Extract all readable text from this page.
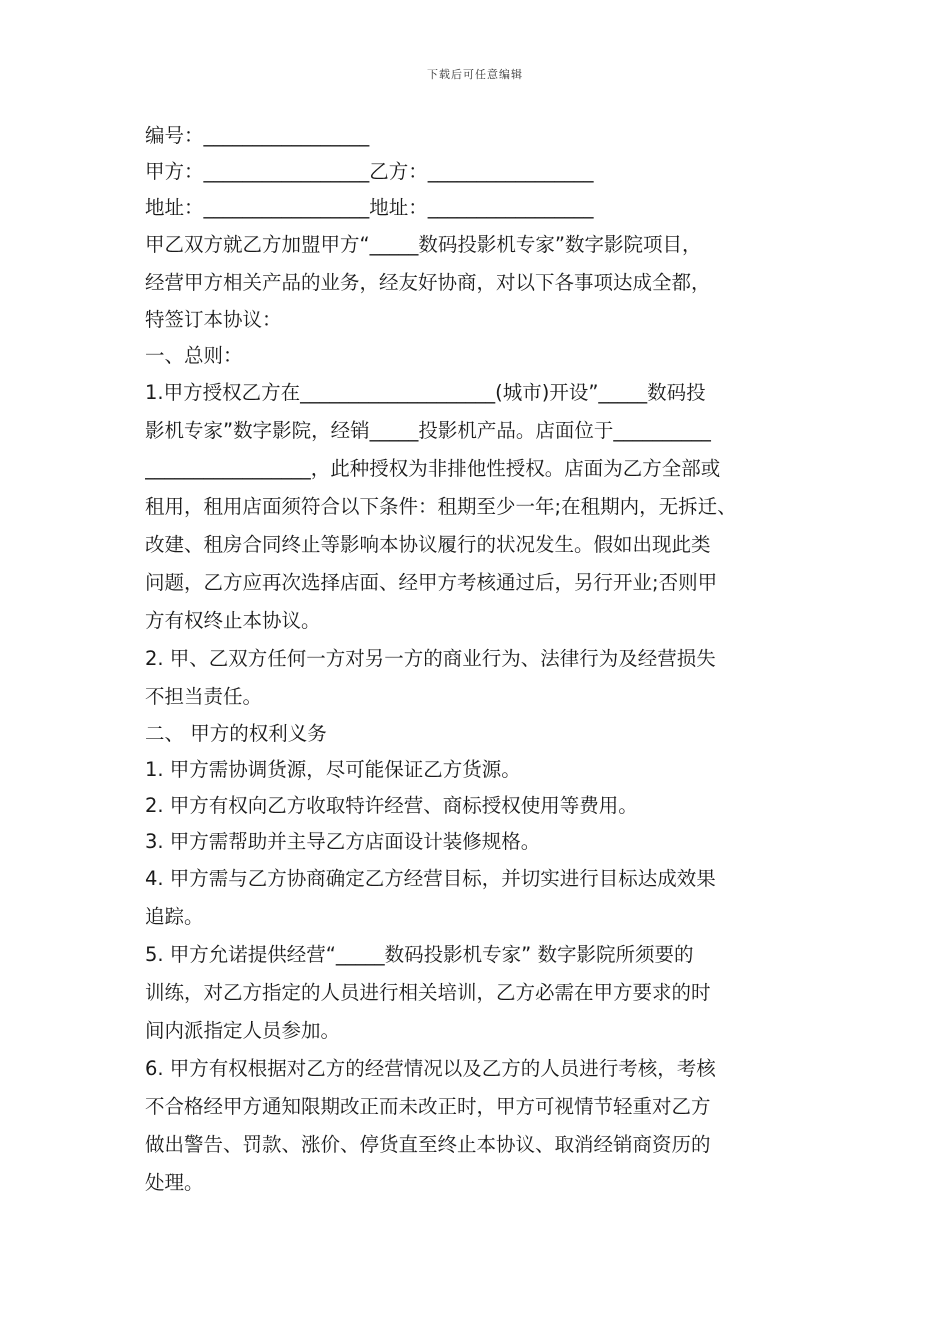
下载后可任意编辑
编号：_________________
甲方：_________________乙方：_________________
地址：_________________地址：_________________
甲乙双方就乙方加盟甲方“_____数码投影机专家”数字影院项目，
经营甲方相关产品的业务，经友好协商，对以下各事项达成全都，
特签订本协议：
一、总则：
1.甲方授权乙方在____________________(城市)开设”_____数码投
影机专家”数字影院，经销_____投影机产品。店面位于__________
_________________，此种授权为非排他性授权。店面为乙方全部或
租用，租用店面须符合以下条件：租期至少一年;在租期内，无拆迁、
改建、租房合同终止等影响本协议履行的状况发生。假如出现此类
问题，乙方应再次选择店面、经甲方考核通过后，另行开业;否则甲
方有权终止本协议。
2. 甲、乙双方任何一方对另一方的商业行为、法律行为及经营损失
不担当责任。
二、 甲方的权利义务
1. 甲方需协调货源，尽可能保证乙方货源。
2. 甲方有权向乙方收取特许经营、商标授权使用等费用。
3. 甲方需帮助并主导乙方店面设计装修规格。
4. 甲方需与乙方协商确定乙方经营目标，并切实进行目标达成效果
追踪。
5. 甲方允诺提供经营“_____数码投影机专家” 数字影院所须要的
训练，对乙方指定的人员进行相关培训，乙方必需在甲方要求的时
间内派指定人员参加。
6. 甲方有权根据对乙方的经营情况以及乙方的人员进行考核，考核
不合格经甲方通知限期改正而未改正时，甲方可视情节轻重对乙方
做出警告、罚款、涨价、停货直至终止本协议、取消经销商资历的
处理。
